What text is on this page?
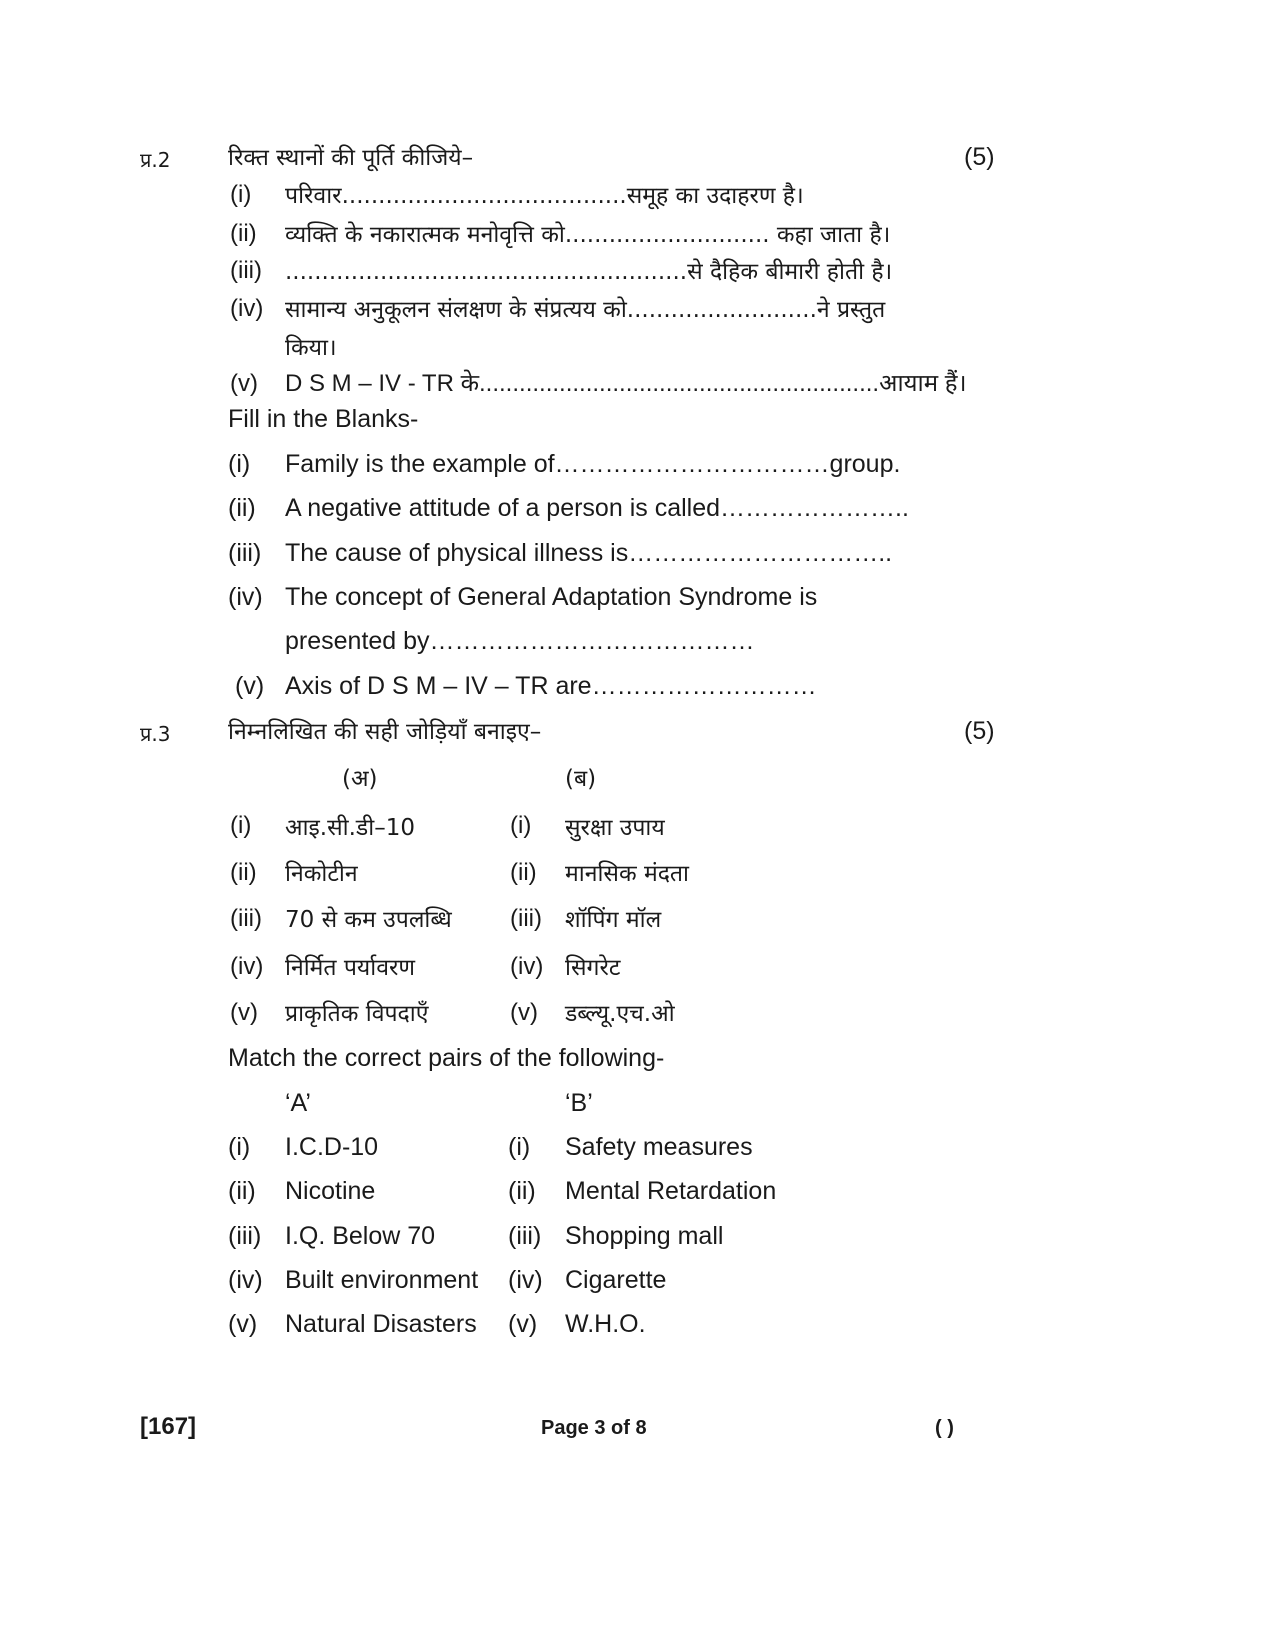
प्र.2	रिक्त स्थानों की पूर्ति कीजिये–	(5)
(i) परिवार.......................................समूह का उदाहरण है।
(ii) व्यक्ति के नकारात्मक मनोवृत्ति को............................ कहा जाता है।
(iii) .......................................................से दैहिक बीमारी होती है।
(iv) सामान्य अनुकूलन संलक्षण के संप्रत्यय को..........................ने प्रस्तुत
किया।
(v) D S M – IV - TR के............................................................आयाम हैं।
Fill in the Blanks-
(i) Family is the example of……………………………group.
(ii) A negative attitude of a person is called…………………..
(iii) The cause of physical illness is…………………………..
(iv) The concept of General Adaptation Syndrome is
presented by…………………………………
(v) Axis of D S M – IV – TR are………………………
प्र.3	निम्नलिखित की सही जोड़ियाँ बनाइए–	(5)
(अ)	(ब)
(i) आइ.सी.डी–10	(i) सुरक्षा उपाय
(ii) निकोटीन	(ii) मानसिक मंदता
(iii) 70 से कम उपलब्धि (iii) शॉपिंग मॉल
(iv) निर्मित पर्यावरण	(iv) सिगरेट
(v) प्राकृतिक विपदाएँ	(v) डब्ल्यू.एच.ओ
Match the correct pairs of the following-
‘A’	‘B’
(i) I.C.D-10	(i) Safety measures
(ii) Nicotine	(ii) Mental Retardation
(iii) I.Q. Below 70	(iii) Shopping mall
(iv) Built environment (iv) Cigarette
(v) Natural Disasters (v) W.H.O.
[167]	Page 3 of 8	( )
